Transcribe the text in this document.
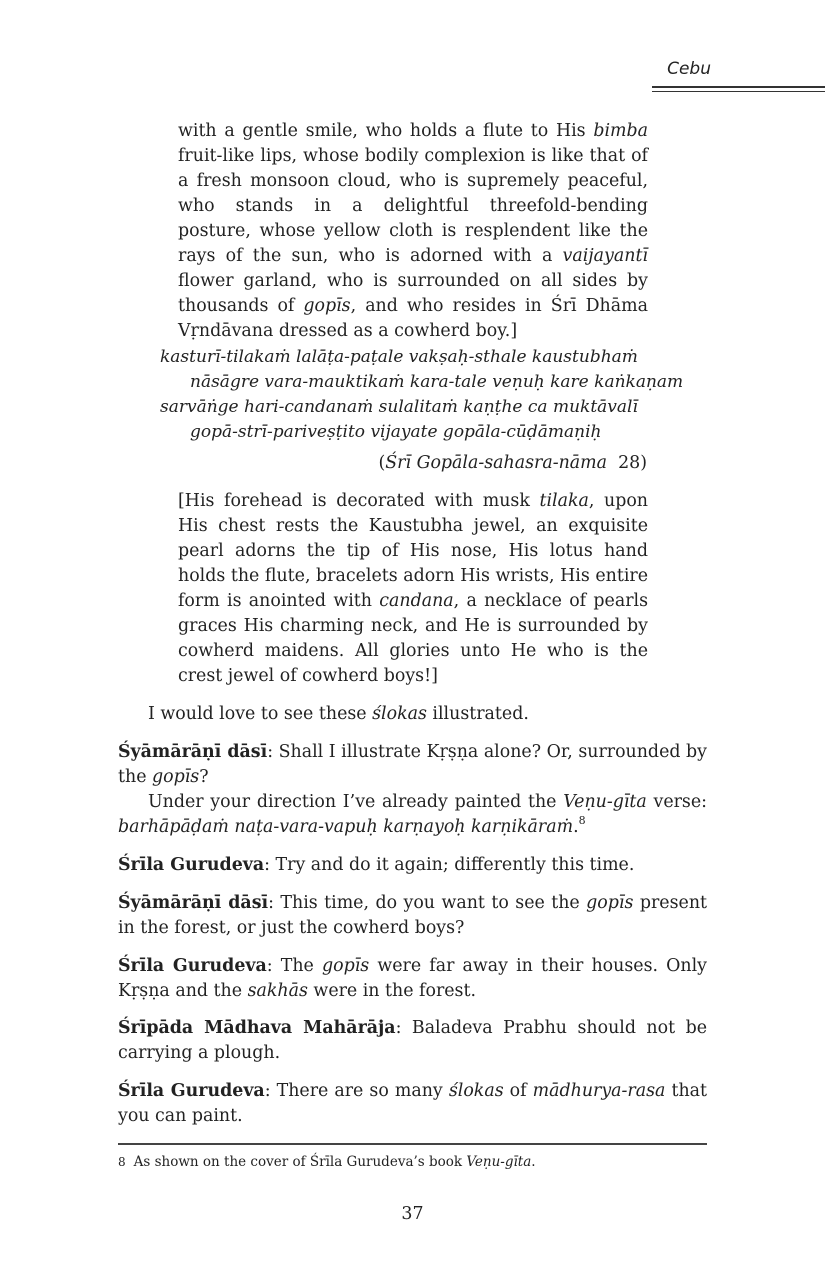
Cebu

with a gentle smile, who holds a flute to His bimba fruit-like lips, whose bodily complexion is like that of a fresh monsoon cloud, who is supremely peaceful, who stands in a delightful threefold-bending posture, whose yellow cloth is resplendent like the rays of the sun, who is adorned with a vaijayantī flower garland, who is surrounded on all sides by thousands of gopīs, and who resides in Śrī Dhāma Vṛndāvana dressed as a cowherd boy.]

kasturī-tilakaṁ lalāṭa-paṭale vakṣaḥ-sthale kaustubhaṁ
nāsāgre vara-mauktikaṁ kara-tale veṇuḥ kare kaṅkaṇam
sarvāṅge hari-candanaṁ sulalitaṁ kaṇṭhe ca muktāvalī
gopā-strī-pariveṣṭito vijayate gopāla-cūḍāmaṇiḥ
(Śrī Gopāla-sahasra-nāma 28)

[His forehead is decorated with musk tilaka, upon His chest rests the Kaustubha jewel, an exquisite pearl adorns the tip of His nose, His lotus hand holds the flute, bracelets adorn His wrists, His entire form is anointed with candana, a necklace of pearls graces His charming neck, and He is surrounded by cowherd maidens. All glories unto He who is the crest jewel of cowherd boys!]

I would love to see these ślokas illustrated.

Śyāmārāṇī dāsī: Shall I illustrate Kṛṣṇa alone? Or, surrounded by the gopīs?

Under your direction I’ve already painted the Veṇu-gīta verse: barhāpāḍaṁ naṭa-vara-vapuḥ karṇayoḥ karṇikāraṁ.$^8$

Śrīla Gurudeva: Try and do it again; differently this time.

Śyāmārāṇī dāsī: This time, do you want to see the gopīs present in the forest, or just the cowherd boys?

Śrīla Gurudeva: The gopīs were far away in their houses. Only Kṛṣṇa and the sakhās were in the forest.

Śrīpāda Mādhava Mahārāja: Baladeva Prabhu should not be carrying a plough.

Śrīla Gurudeva: There are so many ślokas of mādhurya-rasa that you can paint.

$^8$ As shown on the cover of Śrīla Gurudeva’s book Veṇu-gīta.
37
